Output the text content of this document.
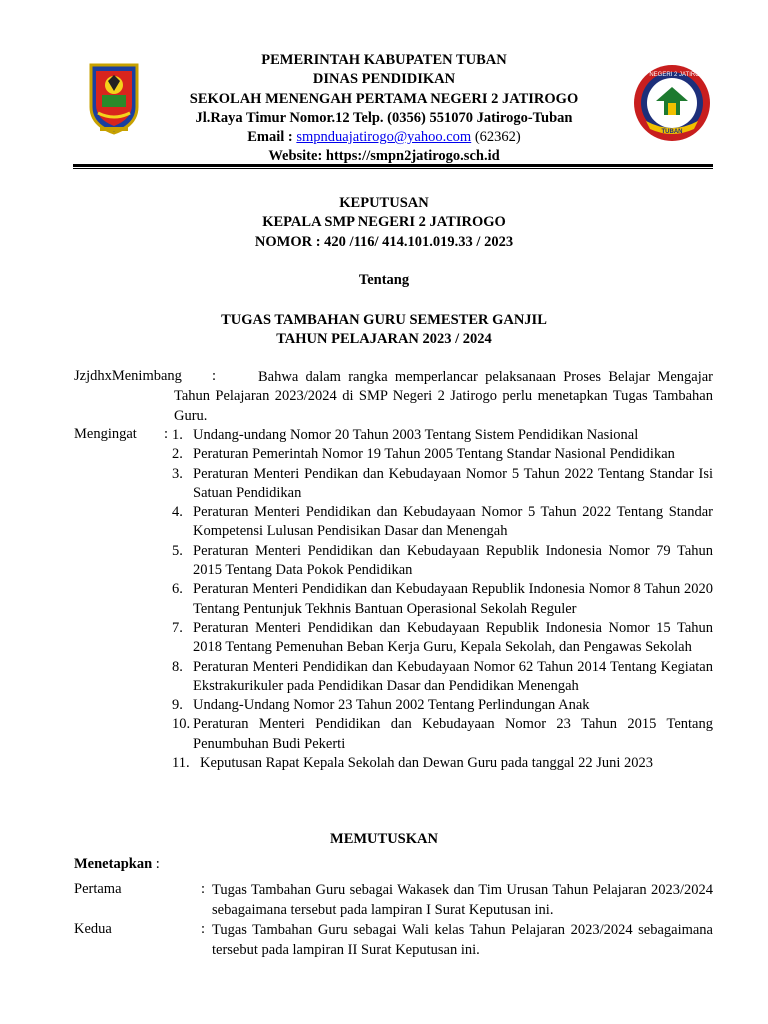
SMP NEGERI 2 JATIROGO
TUBAN
PEMERINTAH KABUPATEN TUBAN
DINAS PENDIDIKAN
SEKOLAH MENENGAH PERTAMA NEGERI 2 JATIROGO
Jl.Raya Timur Nomor.12 Telp. (0356) 551070 Jatirogo-Tuban
Email : smpnduajatirogo@yahoo.com (62362)
Website: https://smpn2jatirogo.sch.id
KEPUTUSAN
KEPALA SMP NEGERI 2 JATIROGO
NOMOR : 420 /116/ 414.101.019.33 / 2023
Tentang
TUGAS TAMBAHAN GURU SEMESTER GANJIL
TAHUN PELAJARAN 2023 / 2024
JzjdhxMenimbang :	Bahwa dalam rangka memperlancar pelaksanaan Proses Belajar Mengajar Tahun Pelajaran 2023/2024 di SMP Negeri 2 Jatirogo perlu menetapkan Tugas Tambahan Guru.
Mengingat : 1. Undang-undang Nomor 20 Tahun 2003 Tentang Sistem Pendidikan Nasional
2. Peraturan Pemerintah Nomor 19 Tahun 2005 Tentang Standar Nasional Pendidikan
3. Peraturan Menteri Pendikan dan Kebudayaan Nomor 5 Tahun 2022 Tentang Standar Isi Satuan Pendidikan
4. Peraturan Menteri Pendidikan dan Kebudayaan Nomor 5 Tahun 2022 Tentang Standar Kompetensi Lulusan Pendisikan Dasar dan Menengah
5. Peraturan Menteri Pendidikan dan Kebudayaan Republik Indonesia Nomor 79 Tahun 2015 Tentang Data Pokok Pendidikan
6. Peraturan Menteri Pendidikan dan Kebudayaan Republik Indonesia Nomor 8 Tahun 2020 Tentang Pentunjuk Tekhnis Bantuan Operasional Sekolah Reguler
7. Peraturan Menteri Pendidikan dan Kebudayaan Republik Indonesia Nomor 15 Tahun 2018 Tentang Pemenuhan Beban Kerja Guru, Kepala Sekolah, dan Pengawas Sekolah
8. Peraturan Menteri Pendidikan dan Kebudayaan Nomor 62 Tahun 2014 Tentang Kegiatan Ekstrakurikuler pada Pendidikan Dasar dan Pendidikan Menengah
9. Undang-Undang Nomor 23 Tahun 2002 Tentang Perlindungan Anak
10. Peraturan Menteri Pendidikan dan Kebudayaan Nomor 23 Tahun 2015 Tentang Penumbuhan Budi Pekerti
11. Keputusan Rapat Kepala Sekolah dan Dewan Guru pada tanggal 22 Juni 2023
MEMUTUSKAN
Menetapkan :
Pertama	: Tugas Tambahan Guru sebagai Wakasek dan Tim Urusan Tahun Pelajaran 2023/2024 sebagaimana tersebut pada lampiran I Surat Keputusan ini.
Kedua	: Tugas Tambahan Guru sebagai Wali kelas Tahun Pelajaran 2023/2024 sebagaimana tersebut pada lampiran II Surat Keputusan ini.
